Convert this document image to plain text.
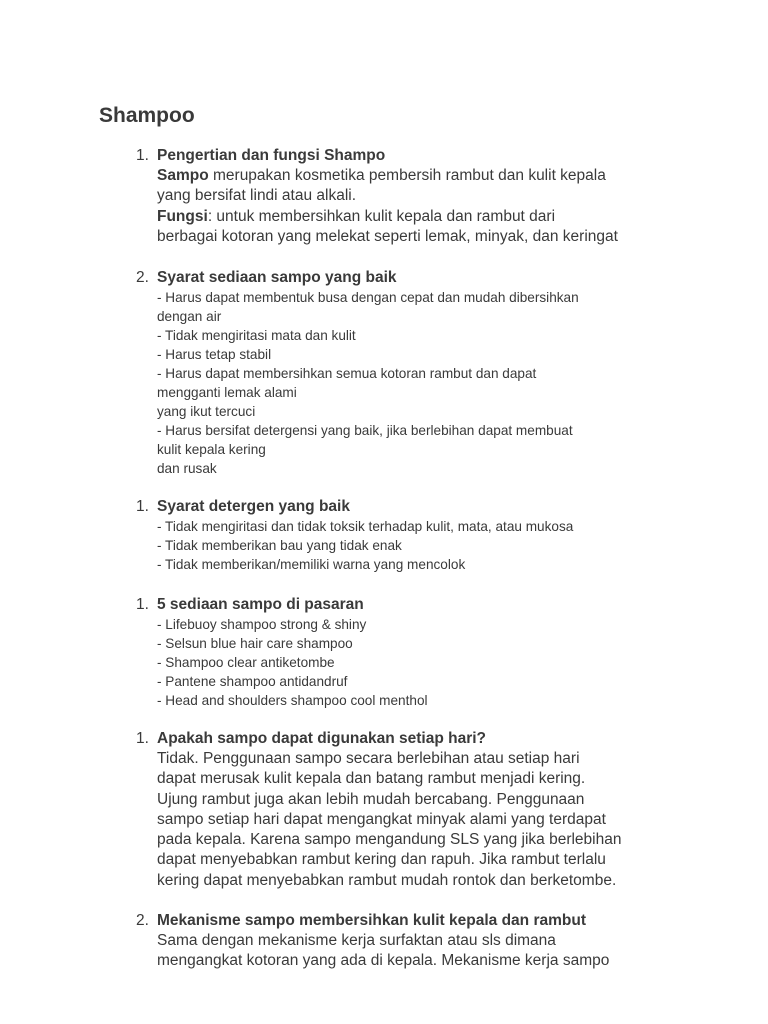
Shampoo
1. Pengertian dan fungsi Shampo
Sampo merupakan kosmetika pembersih rambut dan kulit kepala
yang bersifat lindi atau alkali.
Fungsi: untuk membersihkan kulit kepala dan rambut dari
berbagai kotoran yang melekat seperti lemak, minyak, dan keringat
2. Syarat sediaan sampo yang baik
- Harus dapat membentuk busa dengan cepat dan mudah dibersihkan
dengan air
- Tidak mengiritasi mata dan kulit
- Harus tetap stabil
- Harus dapat membersihkan semua kotoran rambut dan dapat
mengganti lemak alami
yang ikut tercuci
- Harus bersifat detergensi yang baik, jika berlebihan dapat membuat
kulit kepala kering
dan rusak
1. Syarat detergen yang baik
- Tidak mengiritasi dan tidak toksik terhadap kulit, mata, atau mukosa
- Tidak memberikan bau yang tidak enak
- Tidak memberikan/memiliki warna yang mencolok
1. 5 sediaan sampo di pasaran
- Lifebuoy shampoo strong & shiny
- Selsun blue hair care shampoo
- Shampoo clear antiketombe
- Pantene shampoo antidandruf
- Head and shoulders shampoo cool menthol
1. Apakah sampo dapat digunakan setiap hari?
Tidak. Penggunaan sampo secara berlebihan atau setiap hari
dapat merusak kulit kepala dan batang rambut menjadi kering.
Ujung rambut juga akan lebih mudah bercabang. Penggunaan
sampo setiap hari dapat mengangkat minyak alami yang terdapat
pada kepala. Karena sampo mengandung SLS yang jika berlebihan
dapat menyebabkan rambut kering dan rapuh. Jika rambut terlalu
kering dapat menyebabkan rambut mudah rontok dan berketombe.
2. Mekanisme sampo membersihkan kulit kepala dan rambut
Sama dengan mekanisme kerja surfaktan atau sls dimana
mengangkat kotoran yang ada di kepala. Mekanisme kerja sampo
